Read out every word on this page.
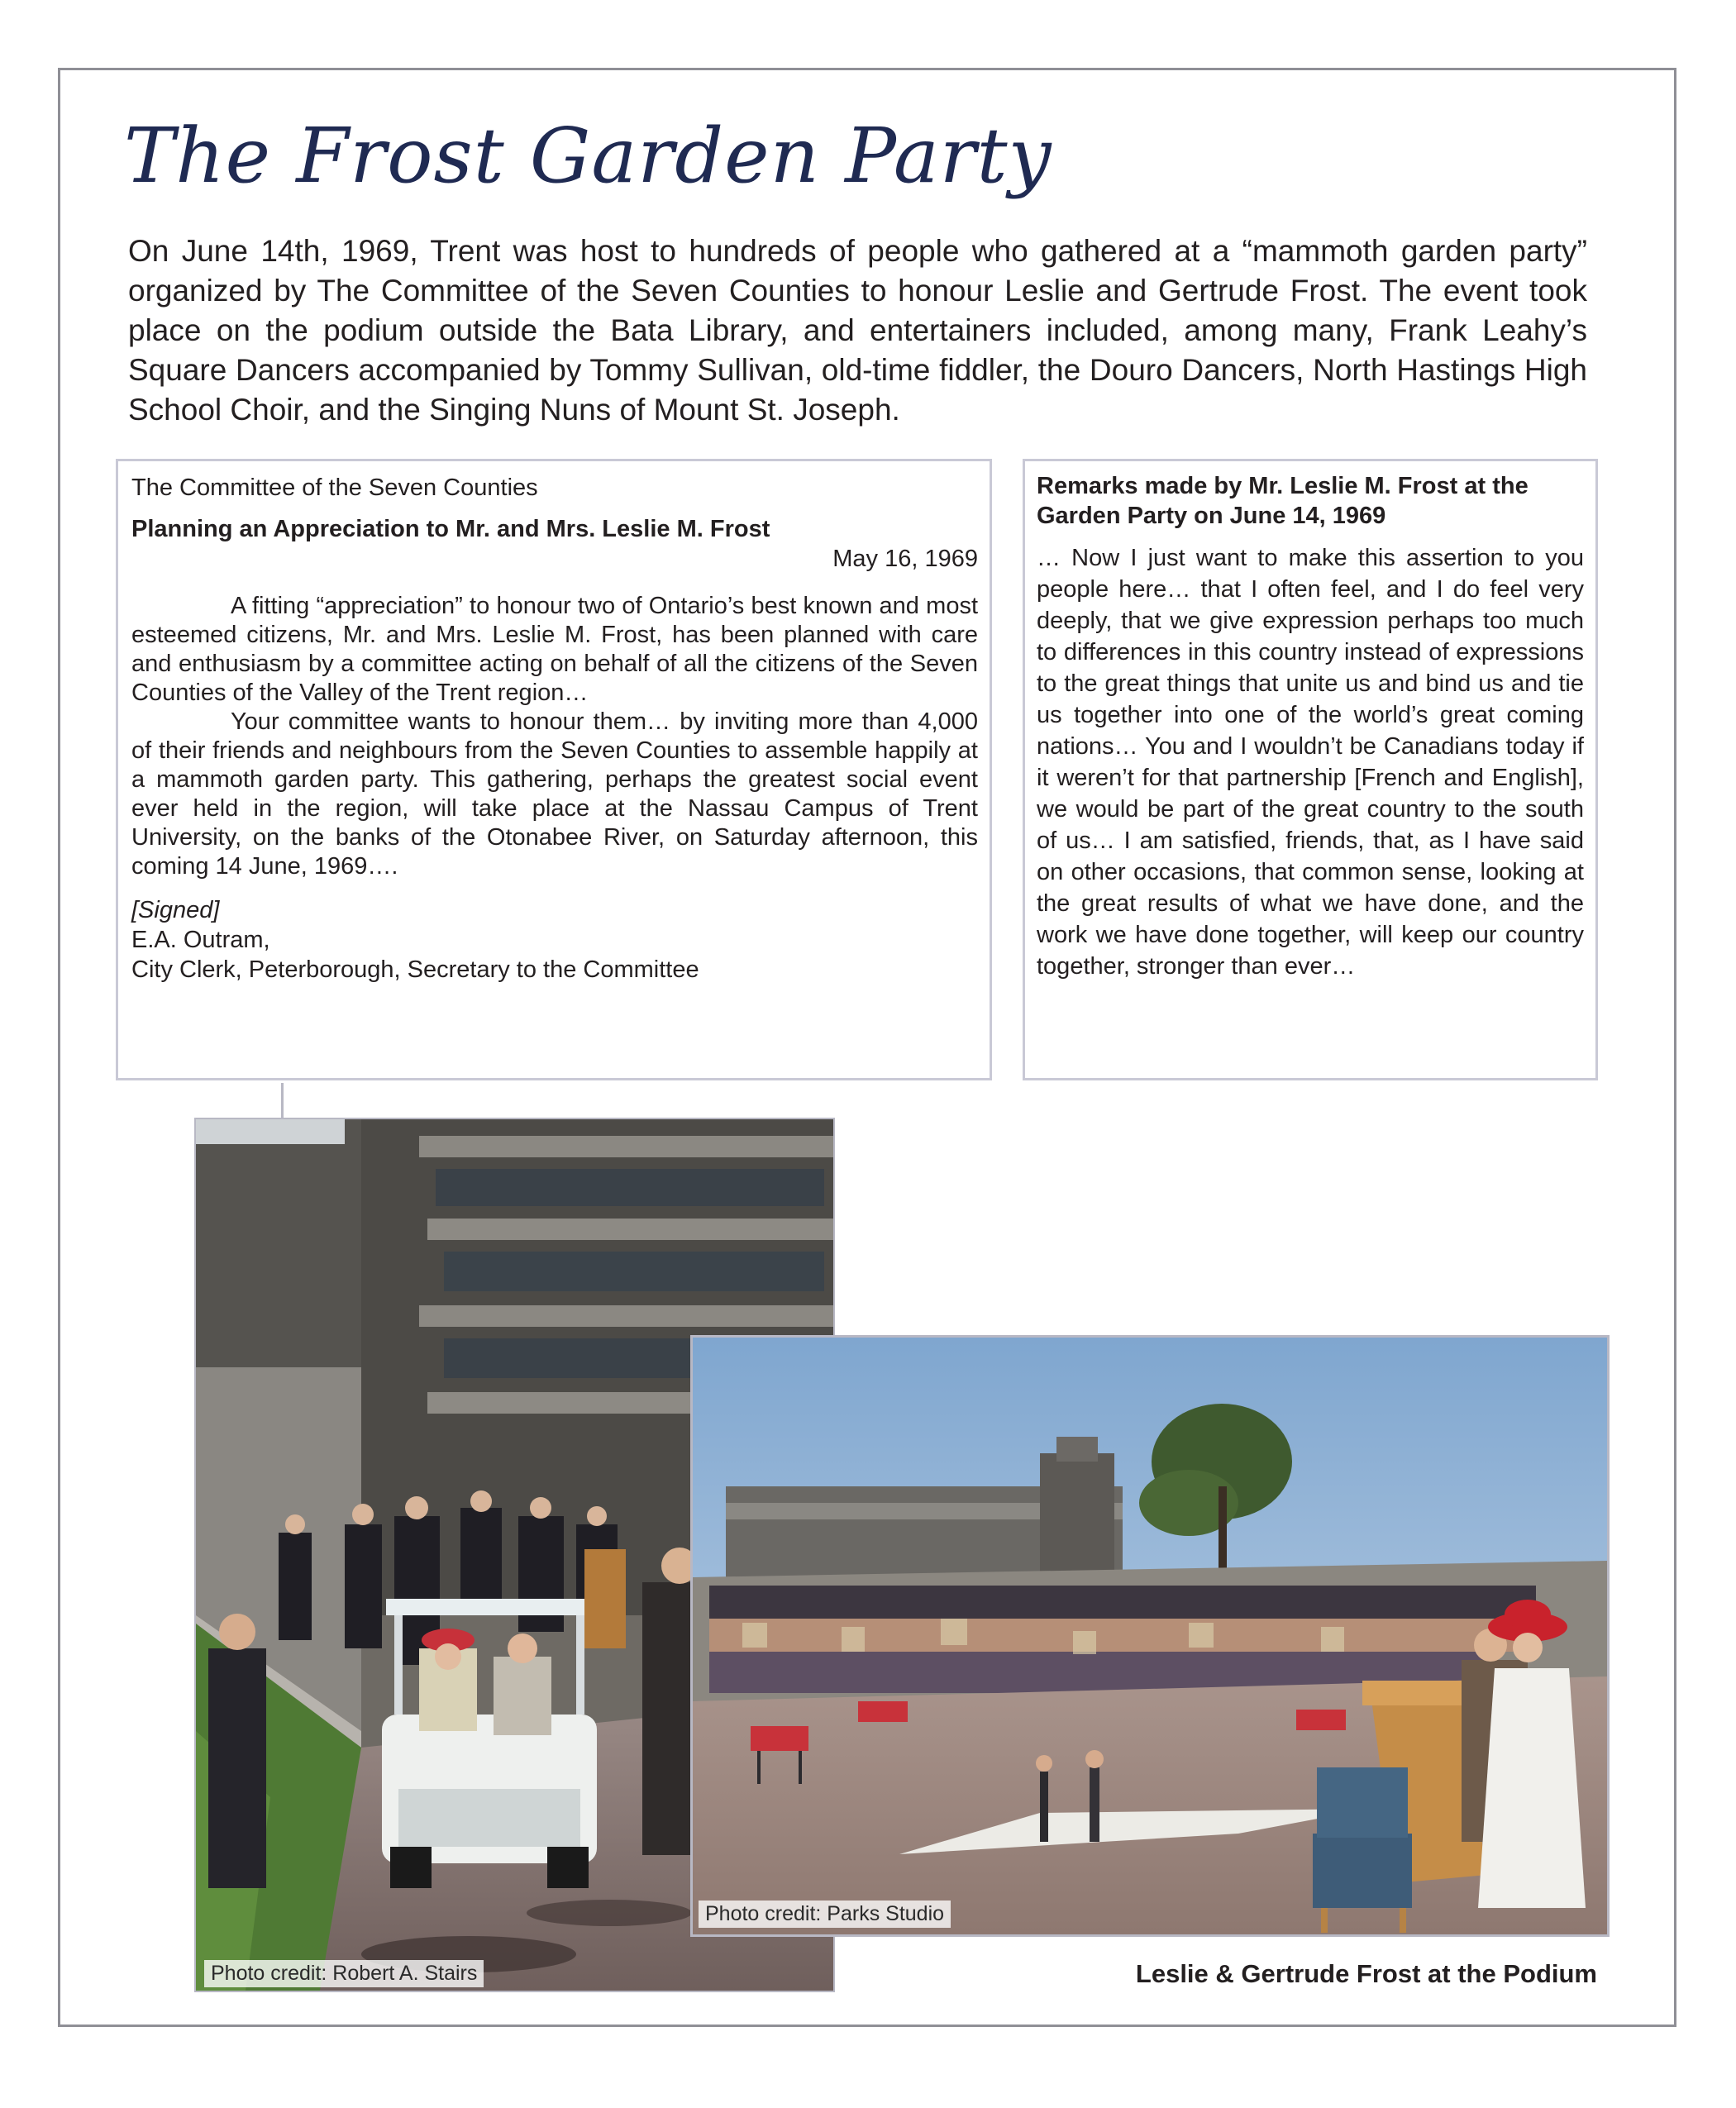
The Frost Garden Party

On June 14th, 1969, Trent was host to hundreds of people who gathered at a “mammoth garden party” organized by The Committee of the Seven Counties to honour Leslie and Gertrude Frost. The event took place on the podium outside the Bata Library, and entertainers included, among many, Frank Leahy’s Square Dancers accompanied by Tommy Sullivan, old-time fiddler, the Douro Dancers, North Hastings High School Choir, and the Singing Nuns of Mount St. Joseph.

The Committee of the Seven Counties

Planning an Appreciation to Mr. and Mrs. Leslie M. Frost

May 16, 1969

A fitting “appreciation” to honour two of Ontario’s best known and most esteemed citizens, Mr. and Mrs. Leslie M. Frost, has been planned with care and enthusiasm by a committee acting on behalf of all the citizens of the Seven Counties of the Valley of the Trent region…

Your committee wants to honour them… by inviting more than 4,000 of their friends and neighbours from the Seven Counties to assemble happily at a mammoth garden party. This gathering, perhaps the greatest social event ever held in the region, will take place at the Nassau Campus of Trent University, on the banks of the Otonabee River, on Saturday afternoon, this coming 14 June, 1969….

[Signed]

E.A. Outram,

City Clerk, Peterborough, Secretary to the Committee

Remarks made by Mr. Leslie M. Frost at the Garden Party on June 14, 1969

… Now I just want to make this assertion to you people here… that I often feel, and I do feel very deeply, that we give expression perhaps too much to differences in this country instead of expressions to the great things that unite us and bind us and tie us together into one of the world’s great coming nations… You and I wouldn’t be Canadians today if it weren’t for that partnership [French and English], we would be part of the great country to the south of us… I am satisfied, friends, that, as I have said on other occasions, that common sense, looking at the great results of what we have done, and the work we have done together, will keep our country together, stronger than ever…

Photo credit: Robert A. Stairs
Photo credit: Parks Studio

Leslie & Gertrude Frost at the Podium
